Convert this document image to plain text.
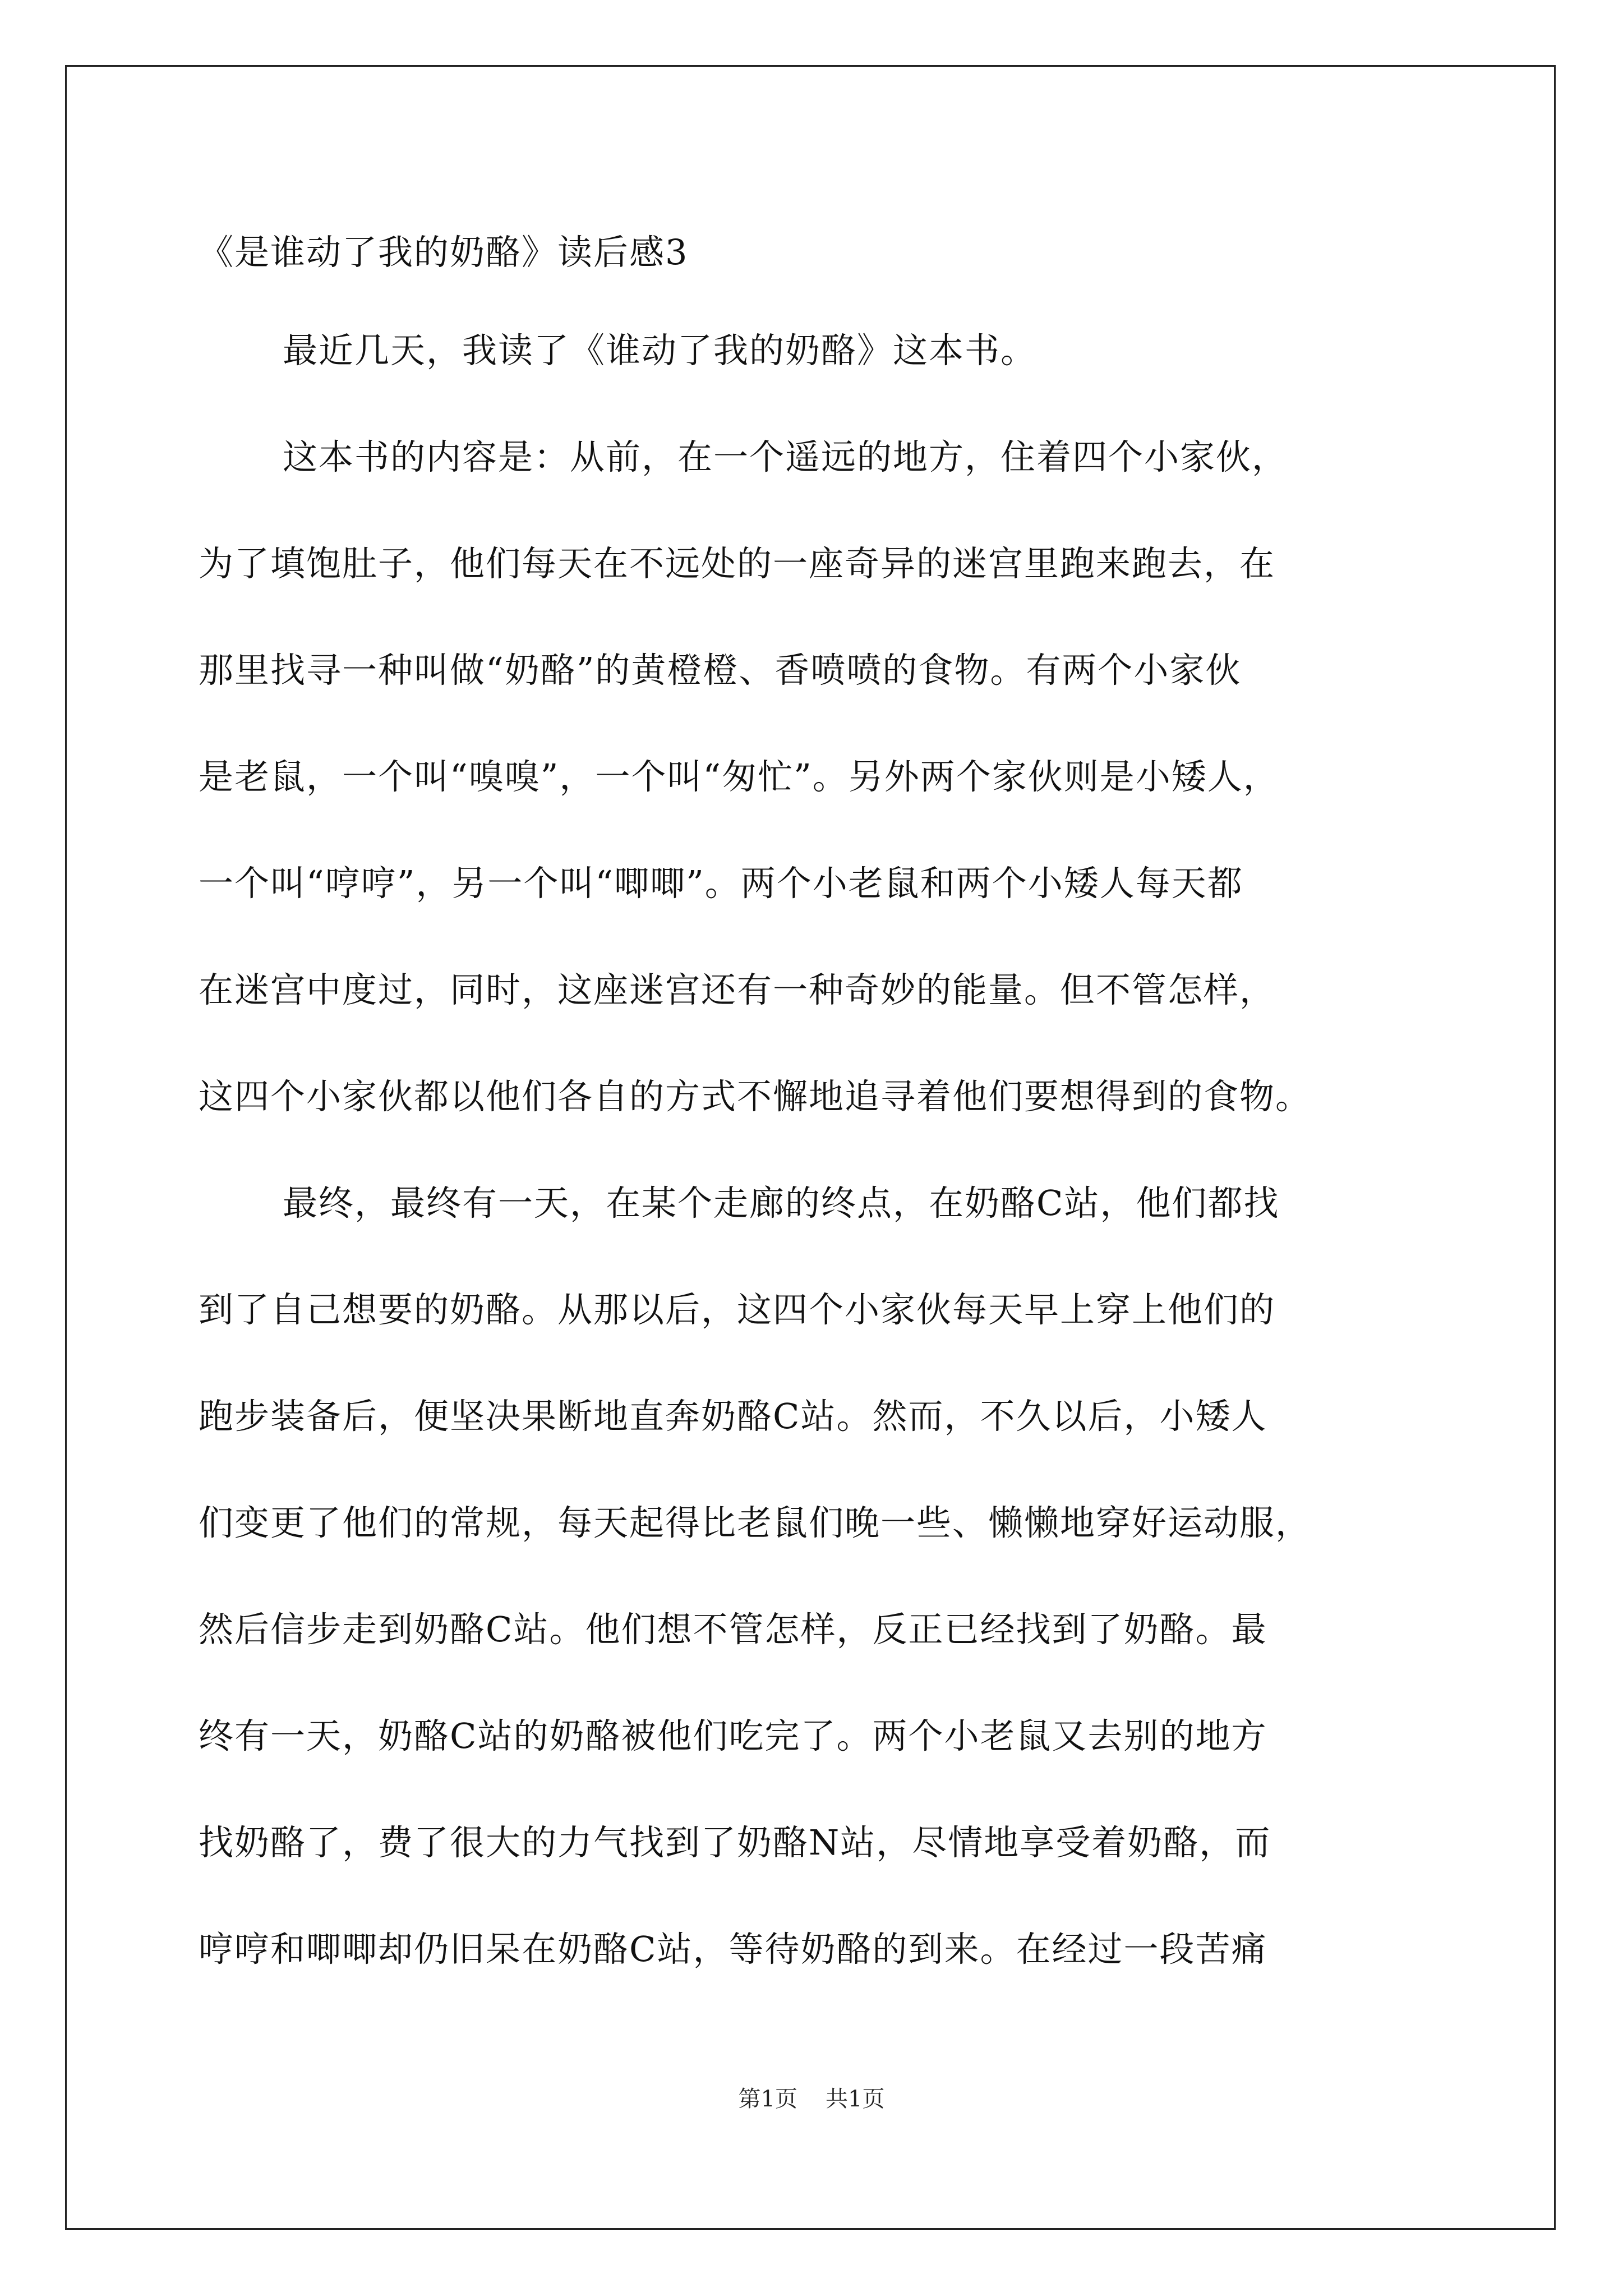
《是谁动了我的奶酪》读后感3

最近几天，我读了《谁动了我的奶酪》这本书。

这本书的内容是：从前，在一个遥远的地方，住着四个小家伙，
为了填饱肚子，他们每天在不远处的一座奇异的迷宫里跑来跑去，在
那里找寻一种叫做“奶酪”的黄橙橙、香喷喷的食物。有两个小家伙
是老鼠，一个叫“嗅嗅”，一个叫“匆忙”。另外两个家伙则是小矮人，
一个叫“哼哼”，另一个叫“唧唧”。两个小老鼠和两个小矮人每天都
在迷宫中度过，同时，这座迷宫还有一种奇妙的能量。但不管怎样，
这四个小家伙都以他们各自的方式不懈地追寻着他们要想得到的食物。

最终，最终有一天，在某个走廊的终点，在奶酪C站，他们都找
到了自己想要的奶酪。从那以后，这四个小家伙每天早上穿上他们的
跑步装备后，便坚决果断地直奔奶酪C站。然而，不久以后，小矮人
们变更了他们的常规，每天起得比老鼠们晚一些、懒懒地穿好运动服，
然后信步走到奶酪C站。他们想不管怎样，反正已经找到了奶酪。最
终有一天，奶酪C站的奶酪被他们吃完了。两个小老鼠又去别的地方
找奶酪了，费了很大的力气找到了奶酪N站，尽情地享受着奶酪，而
哼哼和唧唧却仍旧呆在奶酪C站，等待奶酪的到来。在经过一段苦痛

第1页 共1页
